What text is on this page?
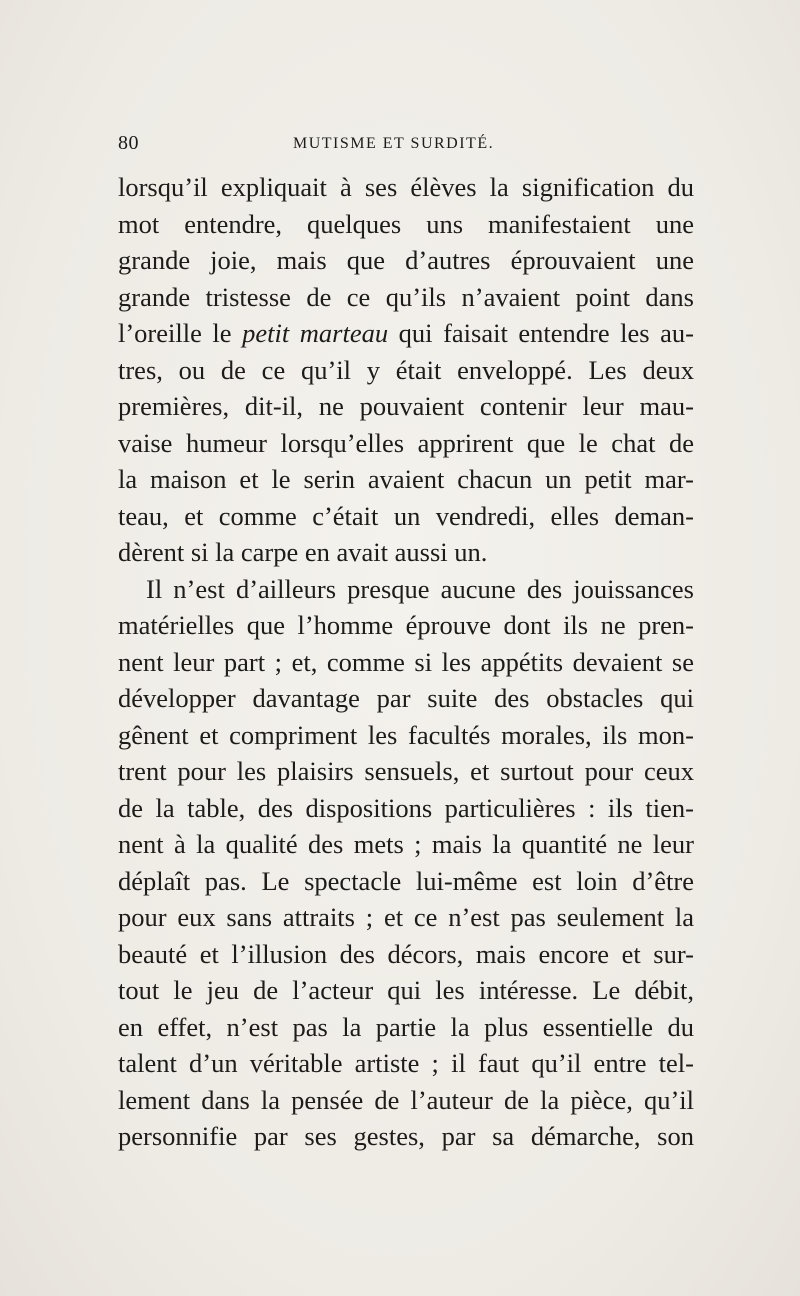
80	MUTISME ET SURDITÉ.
lorsqu’il expliquait à ses élèves la signification du
mot entendre, quelques uns manifestaient une
grande joie, mais que d’autres éprouvaient une
grande tristesse de ce qu’ils n’avaient point dans
l’oreille le petit marteau qui faisait entendre les au-
tres, ou de ce qu’il y était enveloppé. Les deux
premières, dit-il, ne pouvaient contenir leur mau-
vaise humeur lorsqu’elles apprirent que le chat de
la maison et le serin avaient chacun un petit mar-
teau, et comme c’était un vendredi, elles deman-
dèrent si la carpe en avait aussi un.
Il n’est d’ailleurs presque aucune des jouissances
matérielles que l’homme éprouve dont ils ne pren-
nent leur part ; et, comme si les appétits devaient se
développer davantage par suite des obstacles qui
gênent et compriment les facultés morales, ils mon-
trent pour les plaisirs sensuels, et surtout pour ceux
de la table, des dispositions particulières : ils tien-
nent à la qualité des mets ; mais la quantité ne leur
déplaît pas. Le spectacle lui-même est loin d’être
pour eux sans attraits ; et ce n’est pas seulement la
beauté et l’illusion des décors, mais encore et sur-
tout le jeu de l’acteur qui les intéresse. Le débit,
en effet, n’est pas la partie la plus essentielle du
talent d’un véritable artiste ; il faut qu’il entre tel-
lement dans la pensée de l’auteur de la pièce, qu’il
personnifie par ses gestes, par sa démarche, son
